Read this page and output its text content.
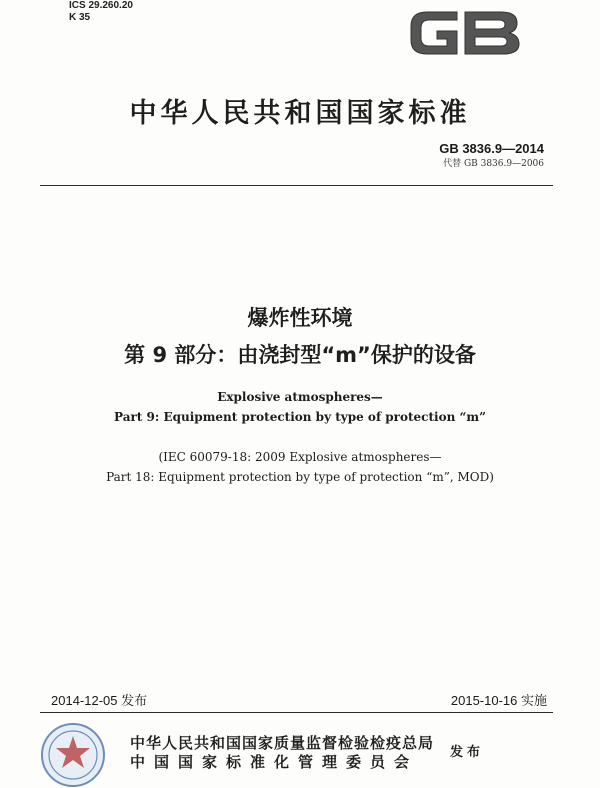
ICS 29.260.20
K 35
GB
中华人民共和国国家标准
GB 3836.9—2014
代替 GB 3836.9—2006
爆炸性环境
第 9 部分：由浇封型“m”保护的设备
Explosive atmospheres—
Part 9: Equipment protection by type of protection “m”
(IEC 60079-18: 2009 Explosive atmospheres—
Part 18: Equipment protection by type of protection “m”, MOD)
2014-12-05 发布	2015-10-16 实施
中华人民共和国国家质量监督检验检疫总局
中国国家标准化管理委员会
发布
